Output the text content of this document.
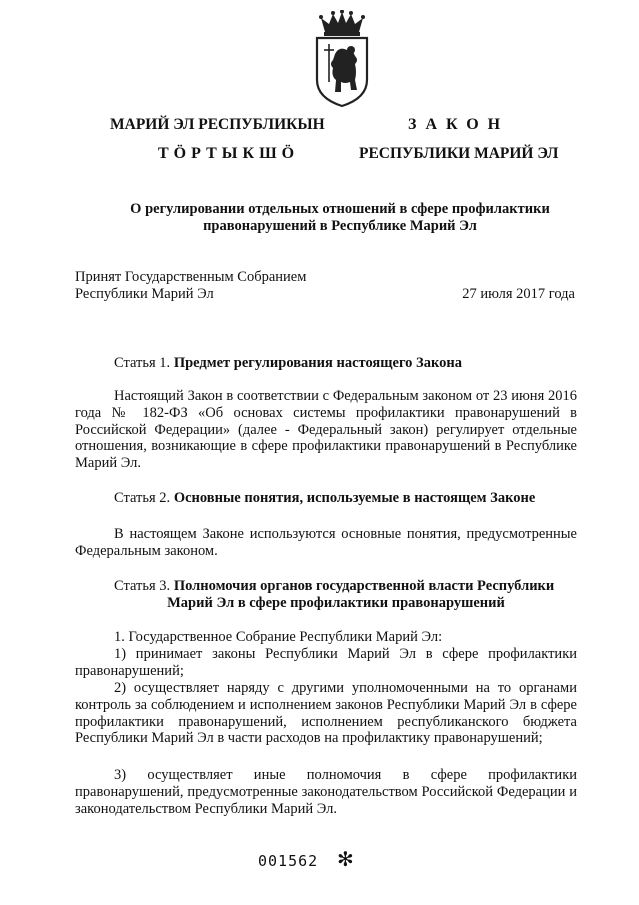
МАРИЙ ЭЛ РЕСПУБЛИКЫН
ТÖРТЫКШÖ
ЗАКОН
РЕСПУБЛИКИ МАРИЙ ЭЛ
О регулировании отдельных отношений в сфере профилактики
правонарушений в Республике Марий Эл
Принят Государственным Собранием
Республики Марий Эл	27 июля 2017 года
Статья 1. Предмет регулирования настоящего Закона
Настоящий Закон в соответствии с Федеральным законом от 23 июня 2016 года № 182-ФЗ «Об основах системы профилактики правонарушений в Российской Федерации» (далее - Федеральный закон) регулирует отдельные отношения, возникающие в сфере профилактики правонарушений в Республике Марий Эл.
Статья 2. Основные понятия, используемые в настоящем Законе
В настоящем Законе используются основные понятия, предусмотренные Федеральным законом.
Статья 3. Полномочия органов государственной власти Республики
Марий Эл в сфере профилактики правонарушений
1. Государственное Собрание Республики Марий Эл:
1) принимает законы Республики Марий Эл в сфере профилактики правонарушений;
2) осуществляет наряду с другими уполномоченными на то органами контроль за соблюдением и исполнением законов Республики Марий Эл в сфере профилактики правонарушений, исполнением республиканского бюджета Республики Марий Эл в части расходов на профилактику правонарушений;
3) осуществляет иные полномочия в сфере профилактики правонарушений, предусмотренные законодательством Российской Федерации и законодательством Республики Марий Эл.
001562 ✻
